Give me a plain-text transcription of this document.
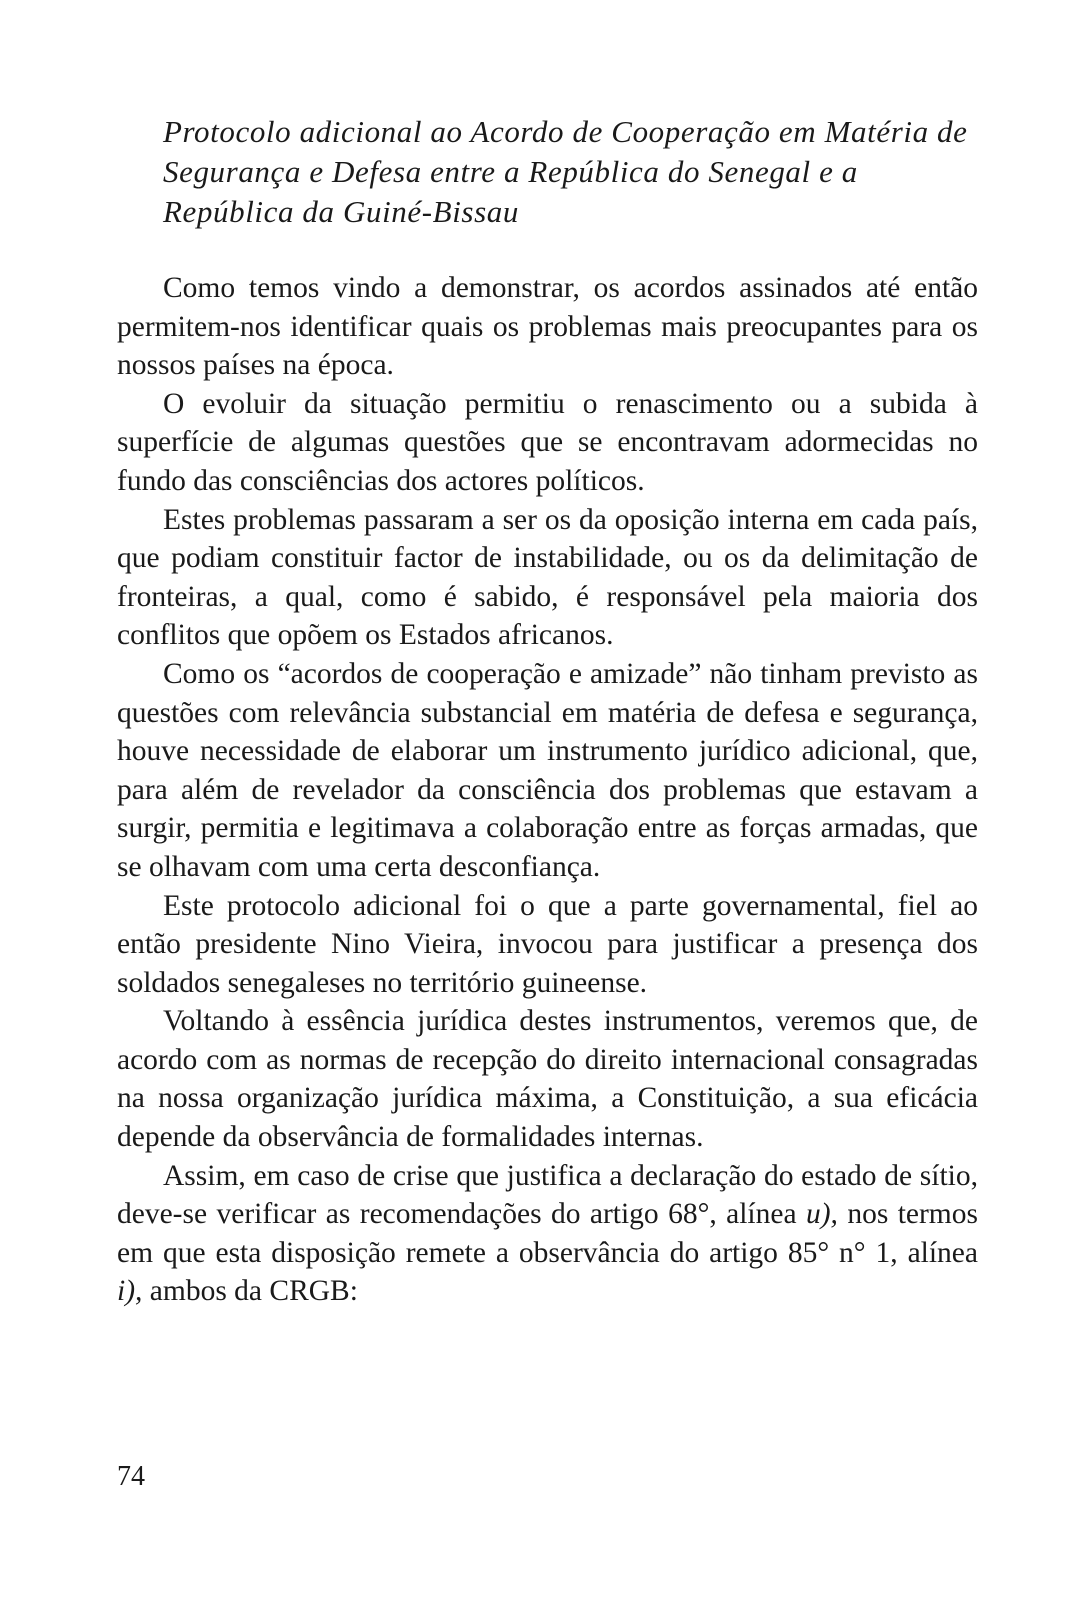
Protocolo adicional ao Acordo de Cooperação em Matéria de Segurança e Defesa entre a República do Senegal e a República da Guiné-Bissau

Como temos vindo a demonstrar, os acordos assinados até então permitem-nos identificar quais os problemas mais preocupantes para os nossos países na época.

O evoluir da situação permitiu o renascimento ou a subida à superfície de algumas questões que se encontravam adormecidas no fundo das consciências dos actores políticos.

Estes problemas passaram a ser os da oposição interna em cada país, que podiam constituir factor de instabilidade, ou os da delimitação de fronteiras, a qual, como é sabido, é responsável pela maioria dos conflitos que opõem os Estados africanos.

Como os “acordos de cooperação e amizade” não tinham previsto as questões com relevância substancial em matéria de defesa e segurança, houve necessidade de elaborar um instrumento jurídico adicional, que, para além de revelador da consciência dos problemas que estavam a surgir, permitia e legitimava a colaboração entre as forças armadas, que se olhavam com uma certa desconfiança.

Este protocolo adicional foi o que a parte governamental, fiel ao então presidente Nino Vieira, invocou para justificar a presença dos soldados senegaleses no território guineense.

Voltando à essência jurídica destes instrumentos, veremos que, de acordo com as normas de recepção do direito internacional consagradas na nossa organização jurídica máxima, a Constituição, a sua eficácia depende da observância de formalidades internas.

Assim, em caso de crise que justifica a declaração do estado de sítio, deve-se verificar as recomendações do artigo 68°, alínea u), nos termos em que esta disposição remete a observância do artigo 85° n° 1, alínea i), ambos da CRGB:

74
